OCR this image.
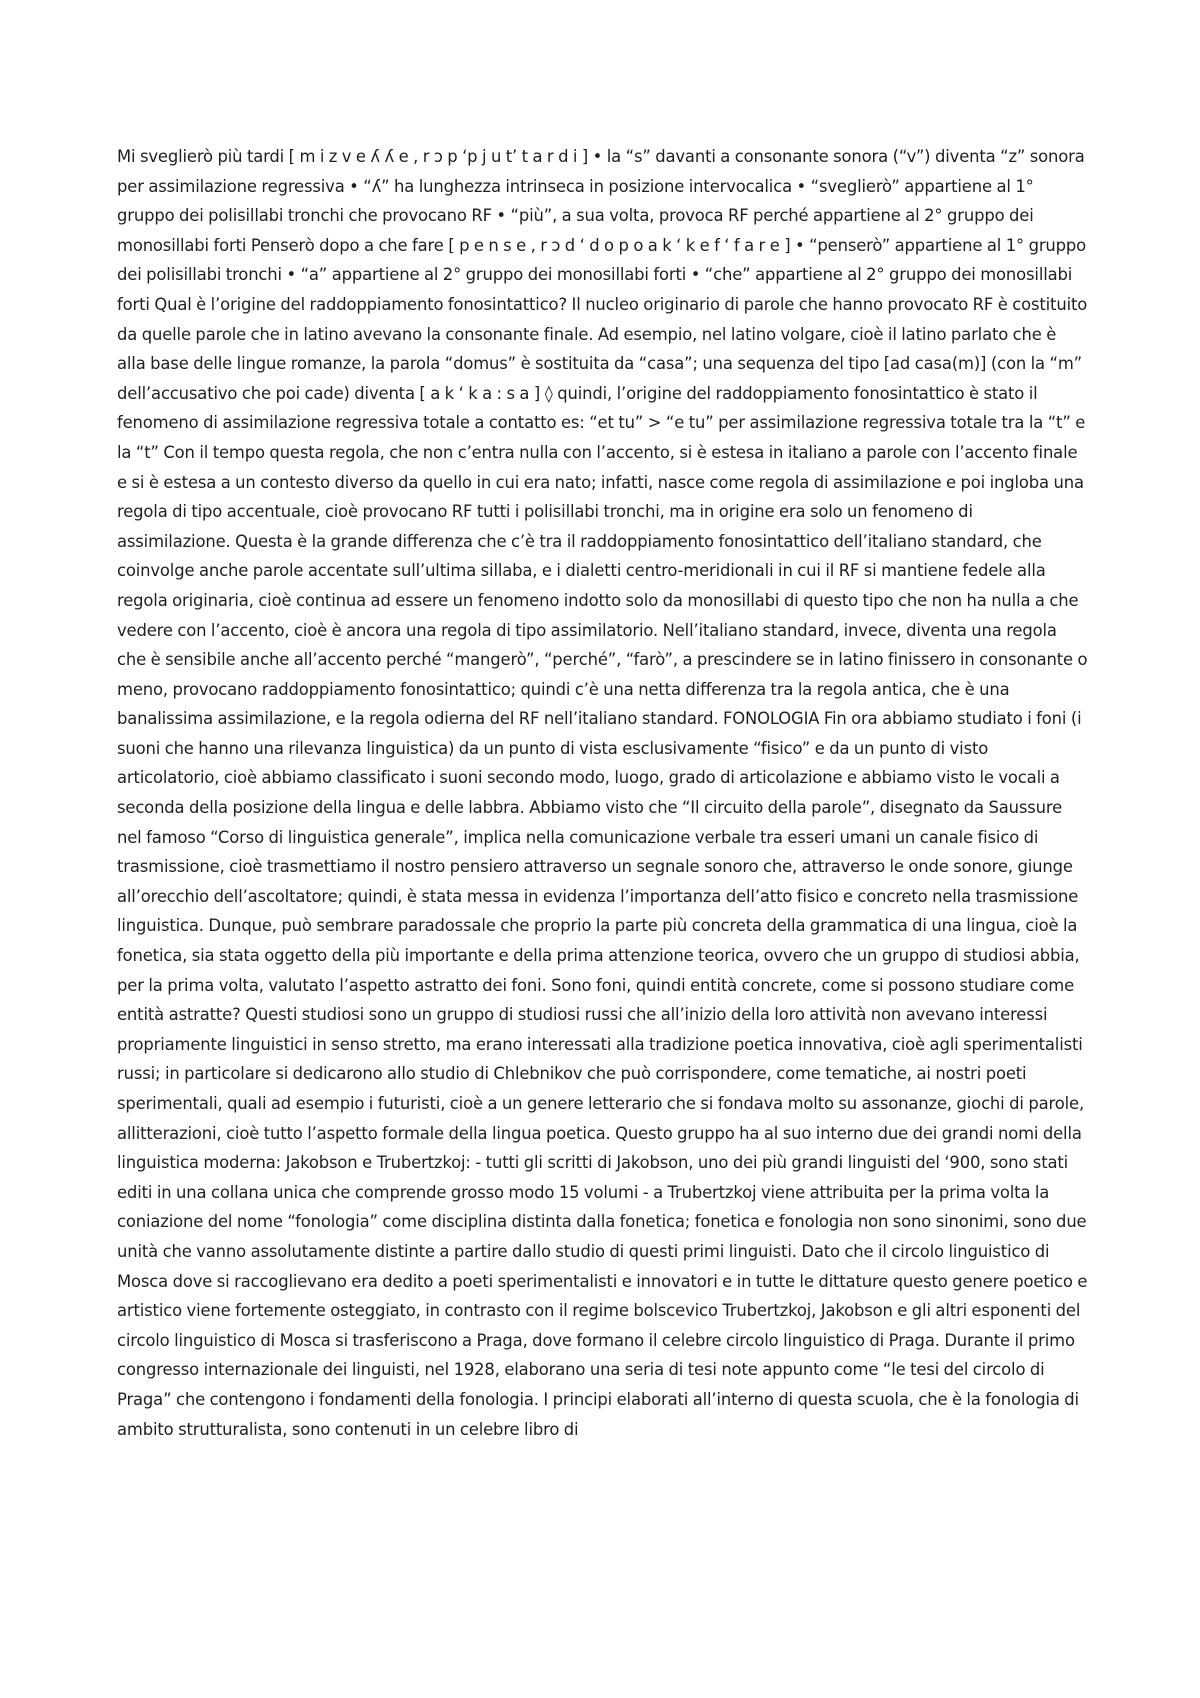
Mi sveglierò più tardi [ m i z v e ʎ ʎ e , r ɔ p ‘p j u t’ t a r d i ] • la “s” davanti a consonante sonora (“v”) diventa “z” sonora per assimilazione regressiva • “ʎ” ha lunghezza intrinseca in posizione intervocalica • “sveglierò” appartiene al 1° gruppo dei polisillabi tronchi che provocano RF • “più”, a sua volta, provoca RF perché appartiene al 2° gruppo dei monosillabi forti Penserò dopo a che fare [ p e n s e , r ɔ d ‘ d o p o a k ‘ k e f ‘ f a r e ] • “penserò” appartiene al 1° gruppo dei polisillabi tronchi • “a” appartiene al 2° gruppo dei monosillabi forti • “che” appartiene al 2° gruppo dei monosillabi forti Qual è l’origine del raddoppiamento fonosintattico? Il nucleo originario di parole che hanno provocato RF è costituito da quelle parole che in latino avevano la consonante finale. Ad esempio, nel latino volgare, cioè il latino parlato che è alla base delle lingue romanze, la parola “domus” è sostituita da “casa”; una sequenza del tipo [ad casa(m)] (con la “m” dell’accusativo che poi cade) diventa [ a k ‘ k a : s a ] ◊ quindi, l’origine del raddoppiamento fonosintattico è stato il fenomeno di assimilazione regressiva totale a contatto es: “et tu” > “e tu” per assimilazione regressiva totale tra la “t” e la “t” Con il tempo questa regola, che non c’entra nulla con l’accento, si è estesa in italiano a parole con l’accento finale e si è estesa a un contesto diverso da quello in cui era nato; infatti, nasce come regola di assimilazione e poi ingloba una regola di tipo accentuale, cioè provocano RF tutti i polisillabi tronchi, ma in origine era solo un fenomeno di assimilazione. Questa è la grande differenza che c’è tra il raddoppiamento fonosintattico dell’italiano standard, che coinvolge anche parole accentate sull’ultima sillaba, e i dialetti centro-meridionali in cui il RF si mantiene fedele alla regola originaria, cioè continua ad essere un fenomeno indotto solo da monosillabi di questo tipo che non ha nulla a che vedere con l’accento, cioè è ancora una regola di tipo assimilatorio. Nell’italiano standard, invece, diventa una regola che è sensibile anche all’accento perché “mangerò”, “perché”, “farò”, a prescindere se in latino finissero in consonante o meno, provocano raddoppiamento fonosintattico; quindi c’è una netta differenza tra la regola antica, che è una banalissima assimilazione, e la regola odierna del RF nell’italiano standard. FONOLOGIA Fin ora abbiamo studiato i foni (i suoni che hanno una rilevanza linguistica) da un punto di vista esclusivamente “fisico” e da un punto di visto articolatorio, cioè abbiamo classificato i suoni secondo modo, luogo, grado di articolazione e abbiamo visto le vocali a seconda della posizione della lingua e delle labbra. Abbiamo visto che “Il circuito della parole”, disegnato da Saussure nel famoso “Corso di linguistica generale”, implica nella comunicazione verbale tra esseri umani un canale fisico di trasmissione, cioè trasmettiamo il nostro pensiero attraverso un segnale sonoro che, attraverso le onde sonore, giunge all’orecchio dell’ascoltatore; quindi, è stata messa in evidenza l’importanza dell’atto fisico e concreto nella trasmissione linguistica. Dunque, può sembrare paradossale che proprio la parte più concreta della grammatica di una lingua, cioè la fonetica, sia stata oggetto della più importante e della prima attenzione teorica, ovvero che un gruppo di studiosi abbia, per la prima volta, valutato l’aspetto astratto dei foni. Sono foni, quindi entità concrete, come si possono studiare come entità astratte? Questi studiosi sono un gruppo di studiosi russi che all’inizio della loro attività non avevano interessi propriamente linguistici in senso stretto, ma erano interessati alla tradizione poetica innovativa, cioè agli sperimentalisti russi; in particolare si dedicarono allo studio di Chlebnikov che può corrispondere, come tematiche, ai nostri poeti sperimentali, quali ad esempio i futuristi, cioè a un genere letterario che si fondava molto su assonanze, giochi di parole, allitterazioni, cioè tutto l’aspetto formale della lingua poetica. Questo gruppo ha al suo interno due dei grandi nomi della linguistica moderna: Jakobson e Trubertzkoj: - tutti gli scritti di Jakobson, uno dei più grandi linguisti del ‘900, sono stati editi in una collana unica che comprende grosso modo 15 volumi - a Trubertzkoj viene attribuita per la prima volta la coniazione del nome “fonologia” come disciplina distinta dalla fonetica; fonetica e fonologia non sono sinonimi, sono due unità che vanno assolutamente distinte a partire dallo studio di questi primi linguisti. Dato che il circolo linguistico di Mosca dove si raccoglievano era dedito a poeti sperimentalisti e innovatori e in tutte le dittature questo genere poetico e artistico viene fortemente osteggiato, in contrasto con il regime bolscevico Trubertzkoj, Jakobson e gli altri esponenti del circolo linguistico di Mosca si trasferiscono a Praga, dove formano il celebre circolo linguistico di Praga. Durante il primo congresso internazionale dei linguisti, nel 1928, elaborano una seria di tesi note appunto come “le tesi del circolo di Praga” che contengono i fondamenti della fonologia. I principi elaborati all’interno di questa scuola, che è la fonologia di ambito strutturalista, sono contenuti in un celebre libro di
